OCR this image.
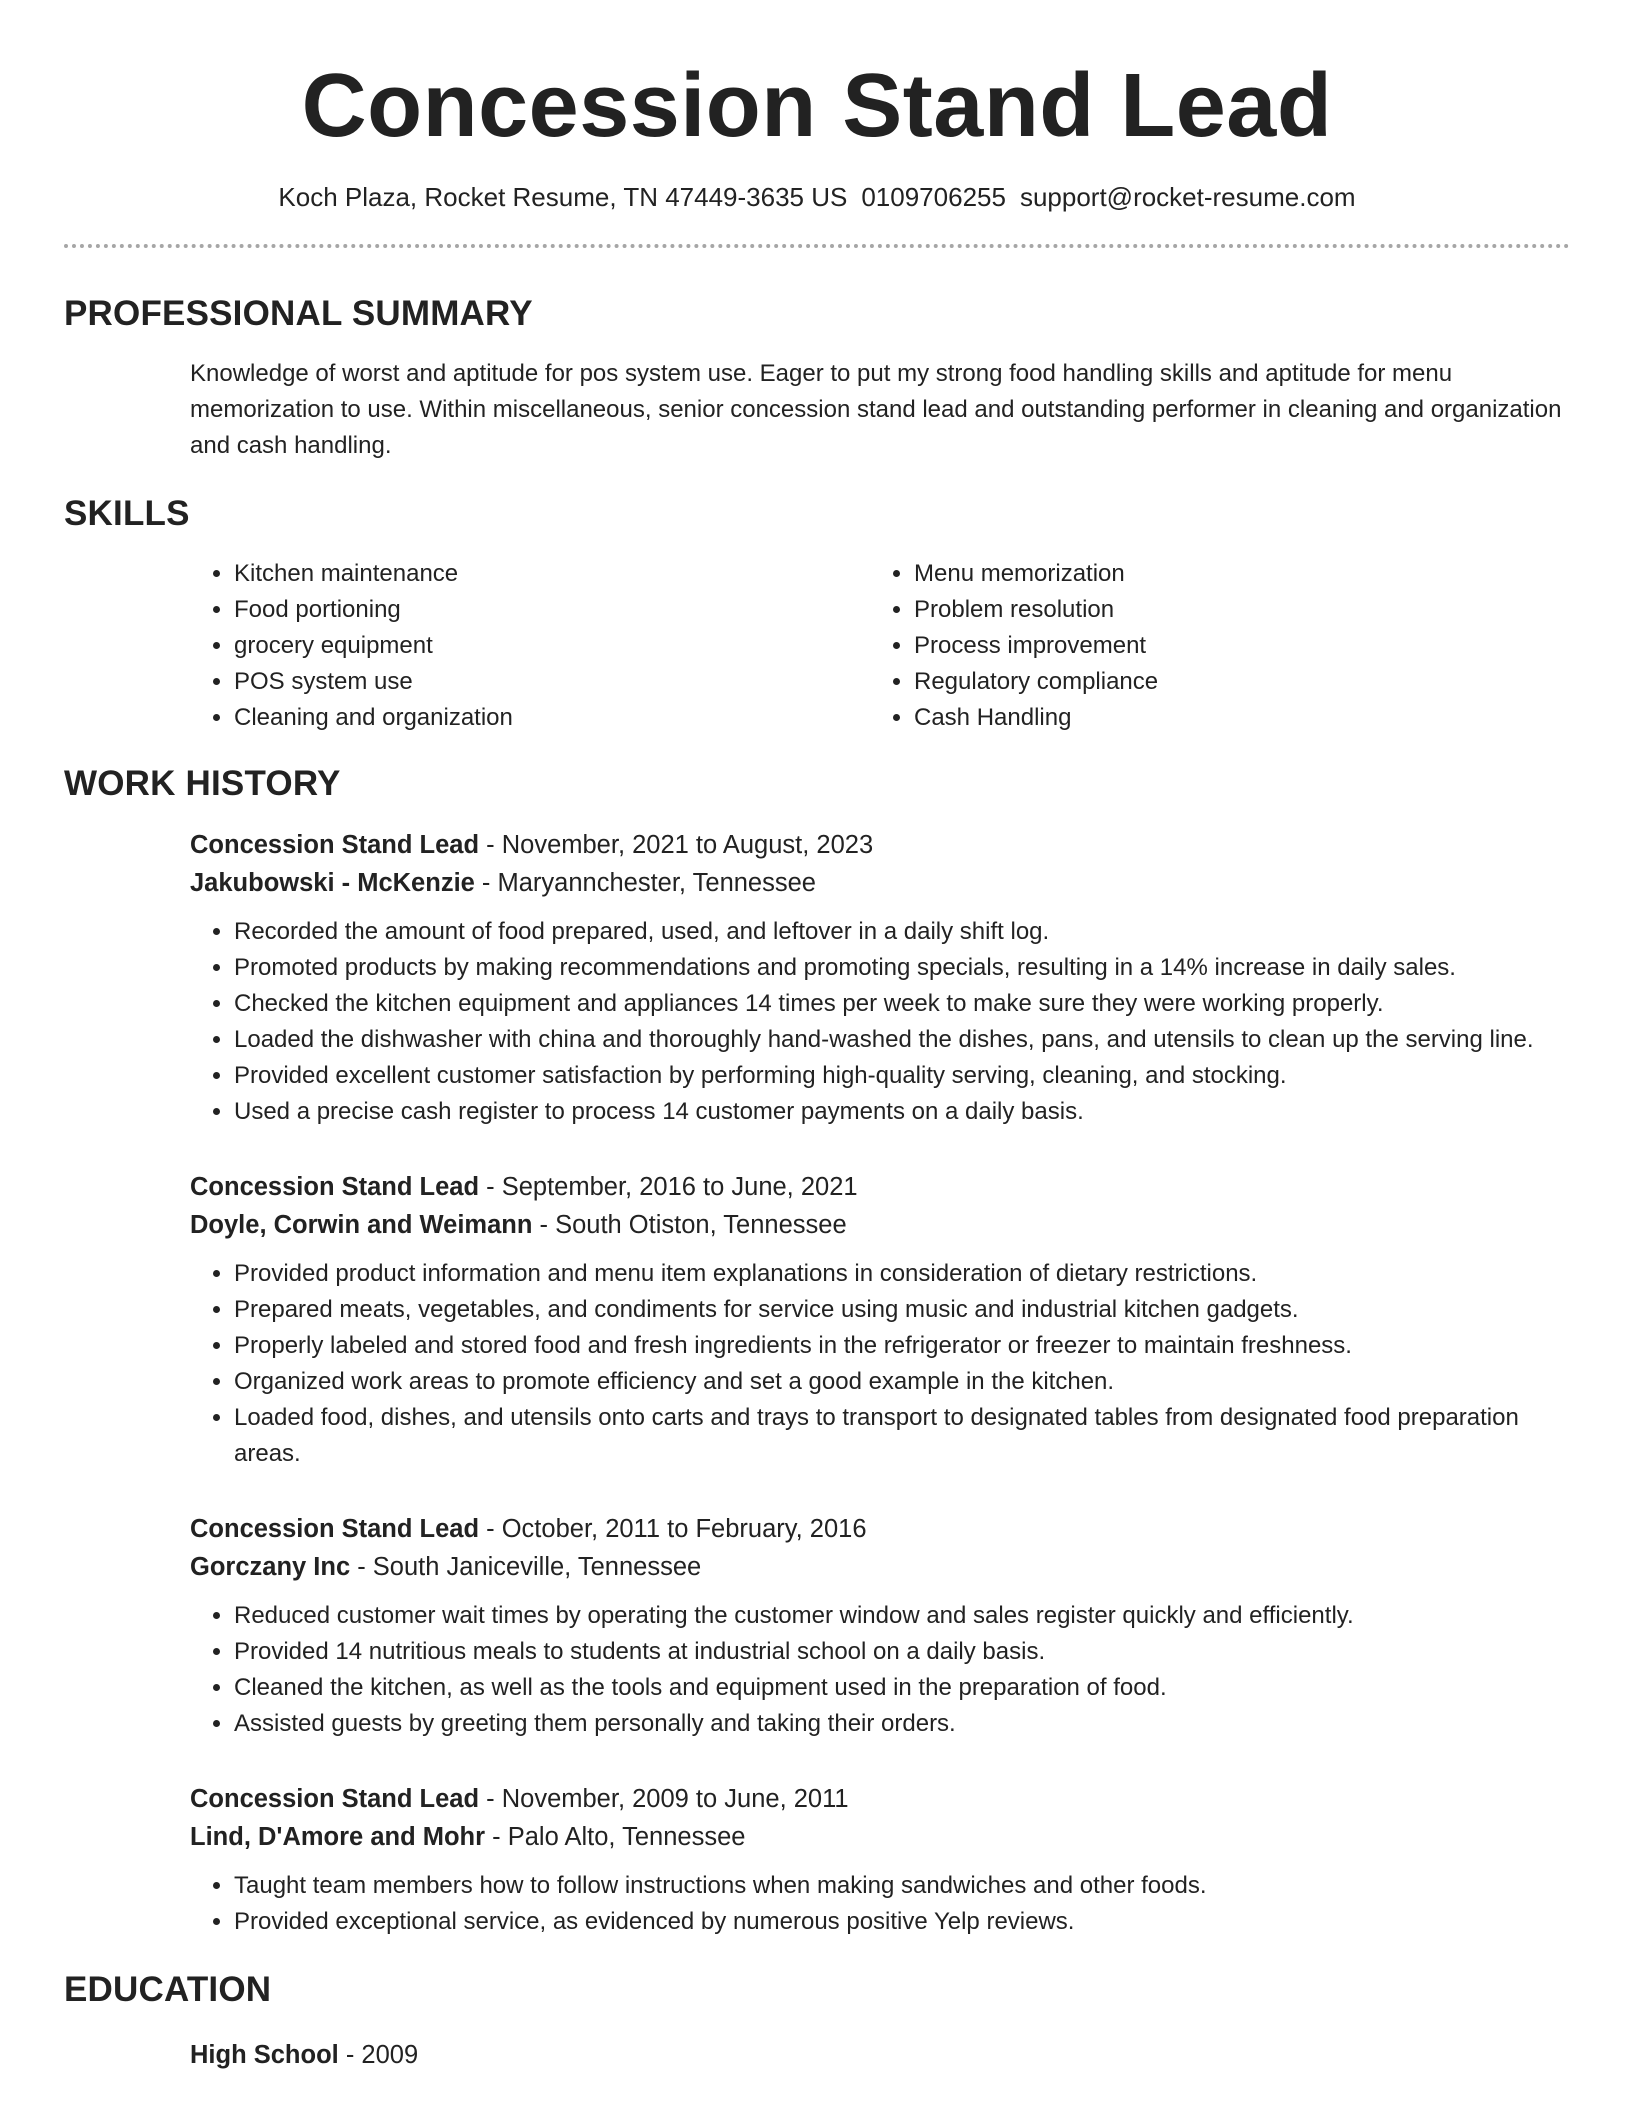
Concession Stand Lead
Koch Plaza, Rocket Resume, TN 47449-3635 US 0109706255 support@rocket-resume.com
PROFESSIONAL SUMMARY
Knowledge of worst and aptitude for pos system use. Eager to put my strong food handling skills and aptitude for menu memorization to use. Within miscellaneous, senior concession stand lead and outstanding performer in cleaning and organization and cash handling.
SKILLS
• Kitchen maintenance
• Food portioning
• grocery equipment
• POS system use
• Cleaning and organization
• Menu memorization
• Problem resolution
• Process improvement
• Regulatory compliance
• Cash Handling
WORK HISTORY
Concession Stand Lead - November, 2021 to August, 2023
Jakubowski - McKenzie - Maryannchester, Tennessee
• Recorded the amount of food prepared, used, and leftover in a daily shift log.
• Promoted products by making recommendations and promoting specials, resulting in a 14% increase in daily sales.
• Checked the kitchen equipment and appliances 14 times per week to make sure they were working properly.
• Loaded the dishwasher with china and thoroughly hand-washed the dishes, pans, and utensils to clean up the serving line.
• Provided excellent customer satisfaction by performing high-quality serving, cleaning, and stocking.
• Used a precise cash register to process 14 customer payments on a daily basis.
Concession Stand Lead - September, 2016 to June, 2021
Doyle, Corwin and Weimann - South Otiston, Tennessee
• Provided product information and menu item explanations in consideration of dietary restrictions.
• Prepared meats, vegetables, and condiments for service using music and industrial kitchen gadgets.
• Properly labeled and stored food and fresh ingredients in the refrigerator or freezer to maintain freshness.
• Organized work areas to promote efficiency and set a good example in the kitchen.
• Loaded food, dishes, and utensils onto carts and trays to transport to designated tables from designated food preparation areas.
Concession Stand Lead - October, 2011 to February, 2016
Gorczany Inc - South Janiceville, Tennessee
• Reduced customer wait times by operating the customer window and sales register quickly and efficiently.
• Provided 14 nutritious meals to students at industrial school on a daily basis.
• Cleaned the kitchen, as well as the tools and equipment used in the preparation of food.
• Assisted guests by greeting them personally and taking their orders.
Concession Stand Lead - November, 2009 to June, 2011
Lind, D'Amore and Mohr - Palo Alto, Tennessee
• Taught team members how to follow instructions when making sandwiches and other foods.
• Provided exceptional service, as evidenced by numerous positive Yelp reviews.
EDUCATION
High School - 2009
